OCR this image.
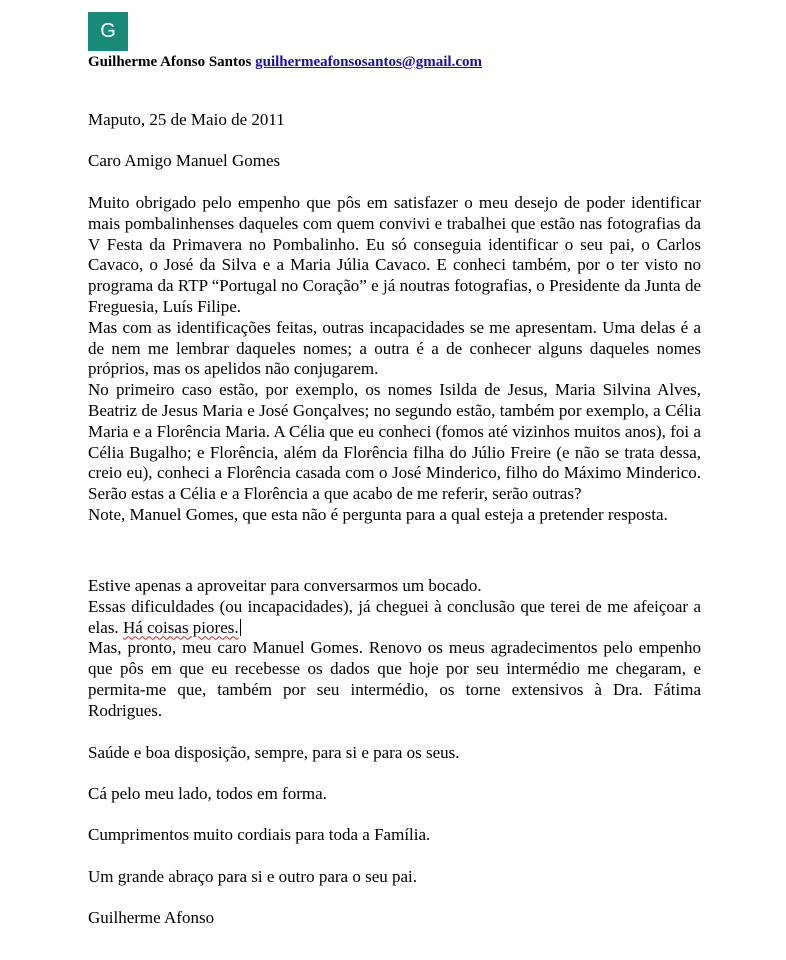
G
Guilherme Afonso Santos guilhermeafonsosantos@gmail.com

Maputo, 25 de Maio de 2011

Caro Amigo Manuel Gomes

Muito obrigado pelo empenho que pôs em satisfazer o meu desejo de poder identificar mais pombalinhenses daqueles com quem convivi e trabalhei que estão nas fotografias da V Festa da Primavera no Pombalinho. Eu só conseguia identificar o seu pai, o Carlos Cavaco, o José da Silva e a Maria Júlia Cavaco. E conheci também, por o ter visto no programa da RTP “Portugal no Coração” e já noutras fotografias, o Presidente da Junta de Freguesia, Luís Filipe.

Mas com as identificações feitas, outras incapacidades se me apresentam. Uma delas é a de nem me lembrar daqueles nomes; a outra é a de conhecer alguns daqueles nomes próprios, mas os apelidos não conjugarem.

No primeiro caso estão, por exemplo, os nomes Isilda de Jesus, Maria Silvina Alves, Beatriz de Jesus Maria e José Gonçalves; no segundo estão, também por exemplo, a Célia Maria e a Florência Maria. A Célia que eu conheci (fomos até vizinhos muitos anos), foi a Célia Bugalho; e Florência, além da Florência filha do Júlio Freire (e não se trata dessa, creio eu), conheci a Florência casada com o José Minderico, filho do Máximo Minderico. Serão estas a Célia e a Florência a que acabo de me referir, serão outras?

Note, Manuel Gomes, que esta não é pergunta para a qual esteja a pretender resposta.

Estive apenas a aproveitar para conversarmos um bocado.

Essas dificuldades (ou incapacidades), já cheguei à conclusão que terei de me afeiçoar a elas. Há coisas piores.

Mas, pronto, meu caro Manuel Gomes. Renovo os meus agradecimentos pelo empenho que pôs em que eu recebesse os dados que hoje por seu intermédio me chegaram, e permita-me que, também por seu intermédio, os torne extensivos à Dra. Fátima Rodrigues.

Saúde e boa disposição, sempre, para si e para os seus.

Cá pelo meu lado, todos em forma.

Cumprimentos muito cordiais para toda a Família.

Um grande abraço para si e outro para o seu pai.

Guilherme Afonso
